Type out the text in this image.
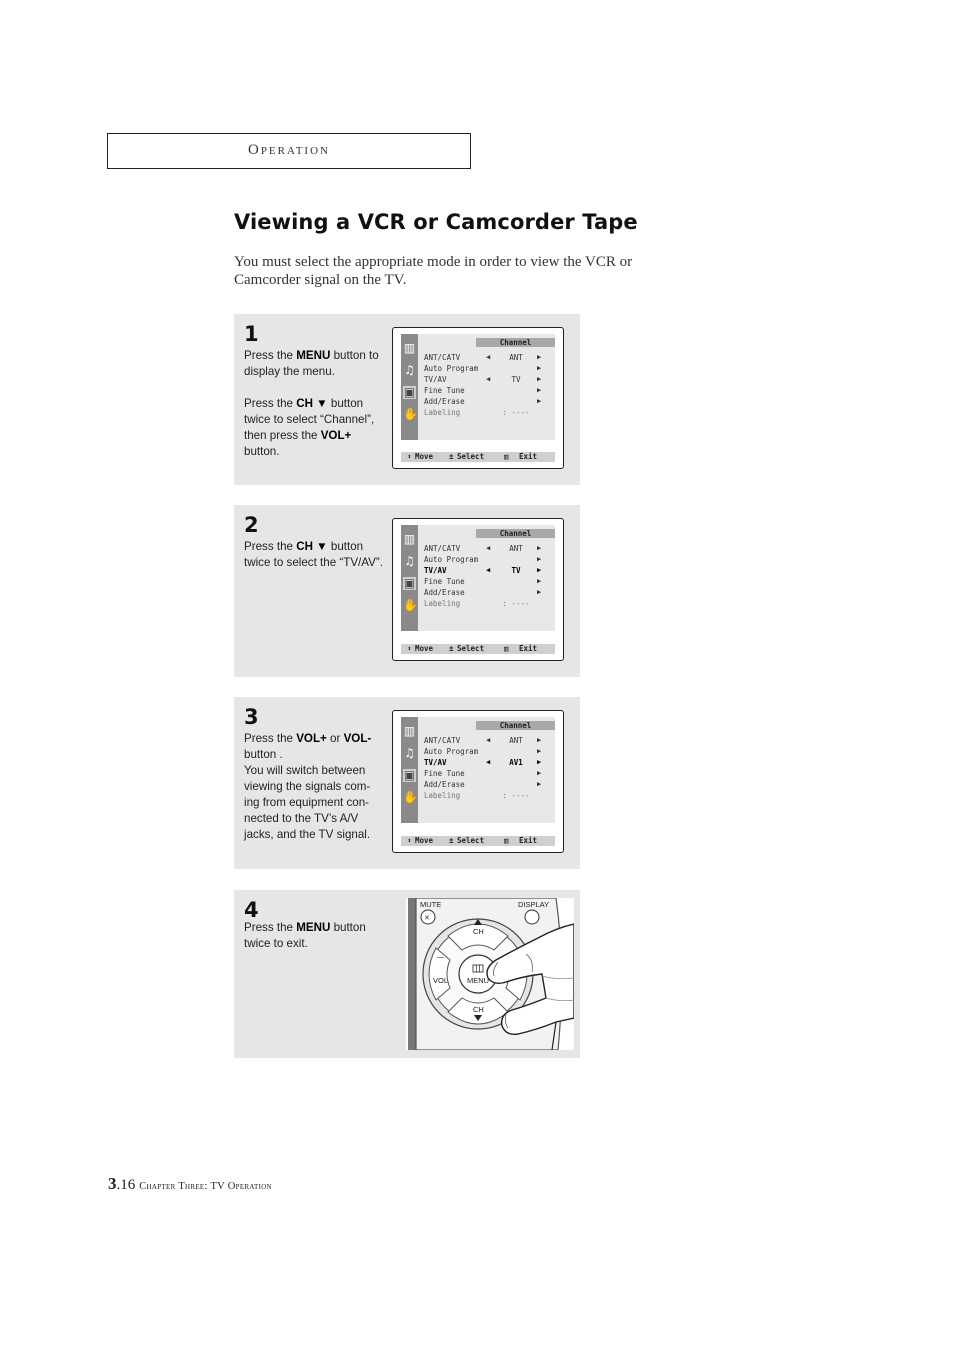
Operation
Viewing a VCR or Camcorder Tape
You must select the appropriate mode in order to view the VCR or Camcorder signal on the TV.
1
Press the MENU button to display the menu.
Press the CH ▼ button twice to select “Channel”, then press the VOL+ button.
▥
♫
▣
✋
Channel
ANT/CATV	◀	ANT	▶
Auto Program	▶
TV/AV	◀	TV	▶
Fine Tune	▶
Add/Erase	▶
Labeling	: ----
⬍ Move ± Select	▥ Exit
2
Press the CH ▼ button twice to select the “TV/AV”.
▥
♫
▣
✋
Channel
ANT/CATV	◀	ANT	▶
Auto Program	▶
TV/AV	◀	TV	▶
Fine Tune	▶
Add/Erase	▶
Labeling	: ----
⬍ Move ± Select	▥ Exit
3
Press the VOL+ or VOL- button .
You will switch between viewing the signals com- ing from equipment con- nected to the TV’s A/V jacks, and the TV signal.
▥
♫
▣
✋
Channel
ANT/CATV	◀	ANT	▶
Auto Program	▶
TV/AV	◀	AV1	▶
Fine Tune	▶
Add/Erase	▶
Labeling	: ----
⬍ Move ± Select	▥ Exit
4
Press the MENU button twice to exit.
MUTE	DISPLAY
✕
CH
CH
—
VOL	MENU
3.16 Chapter Three: TV Operation
